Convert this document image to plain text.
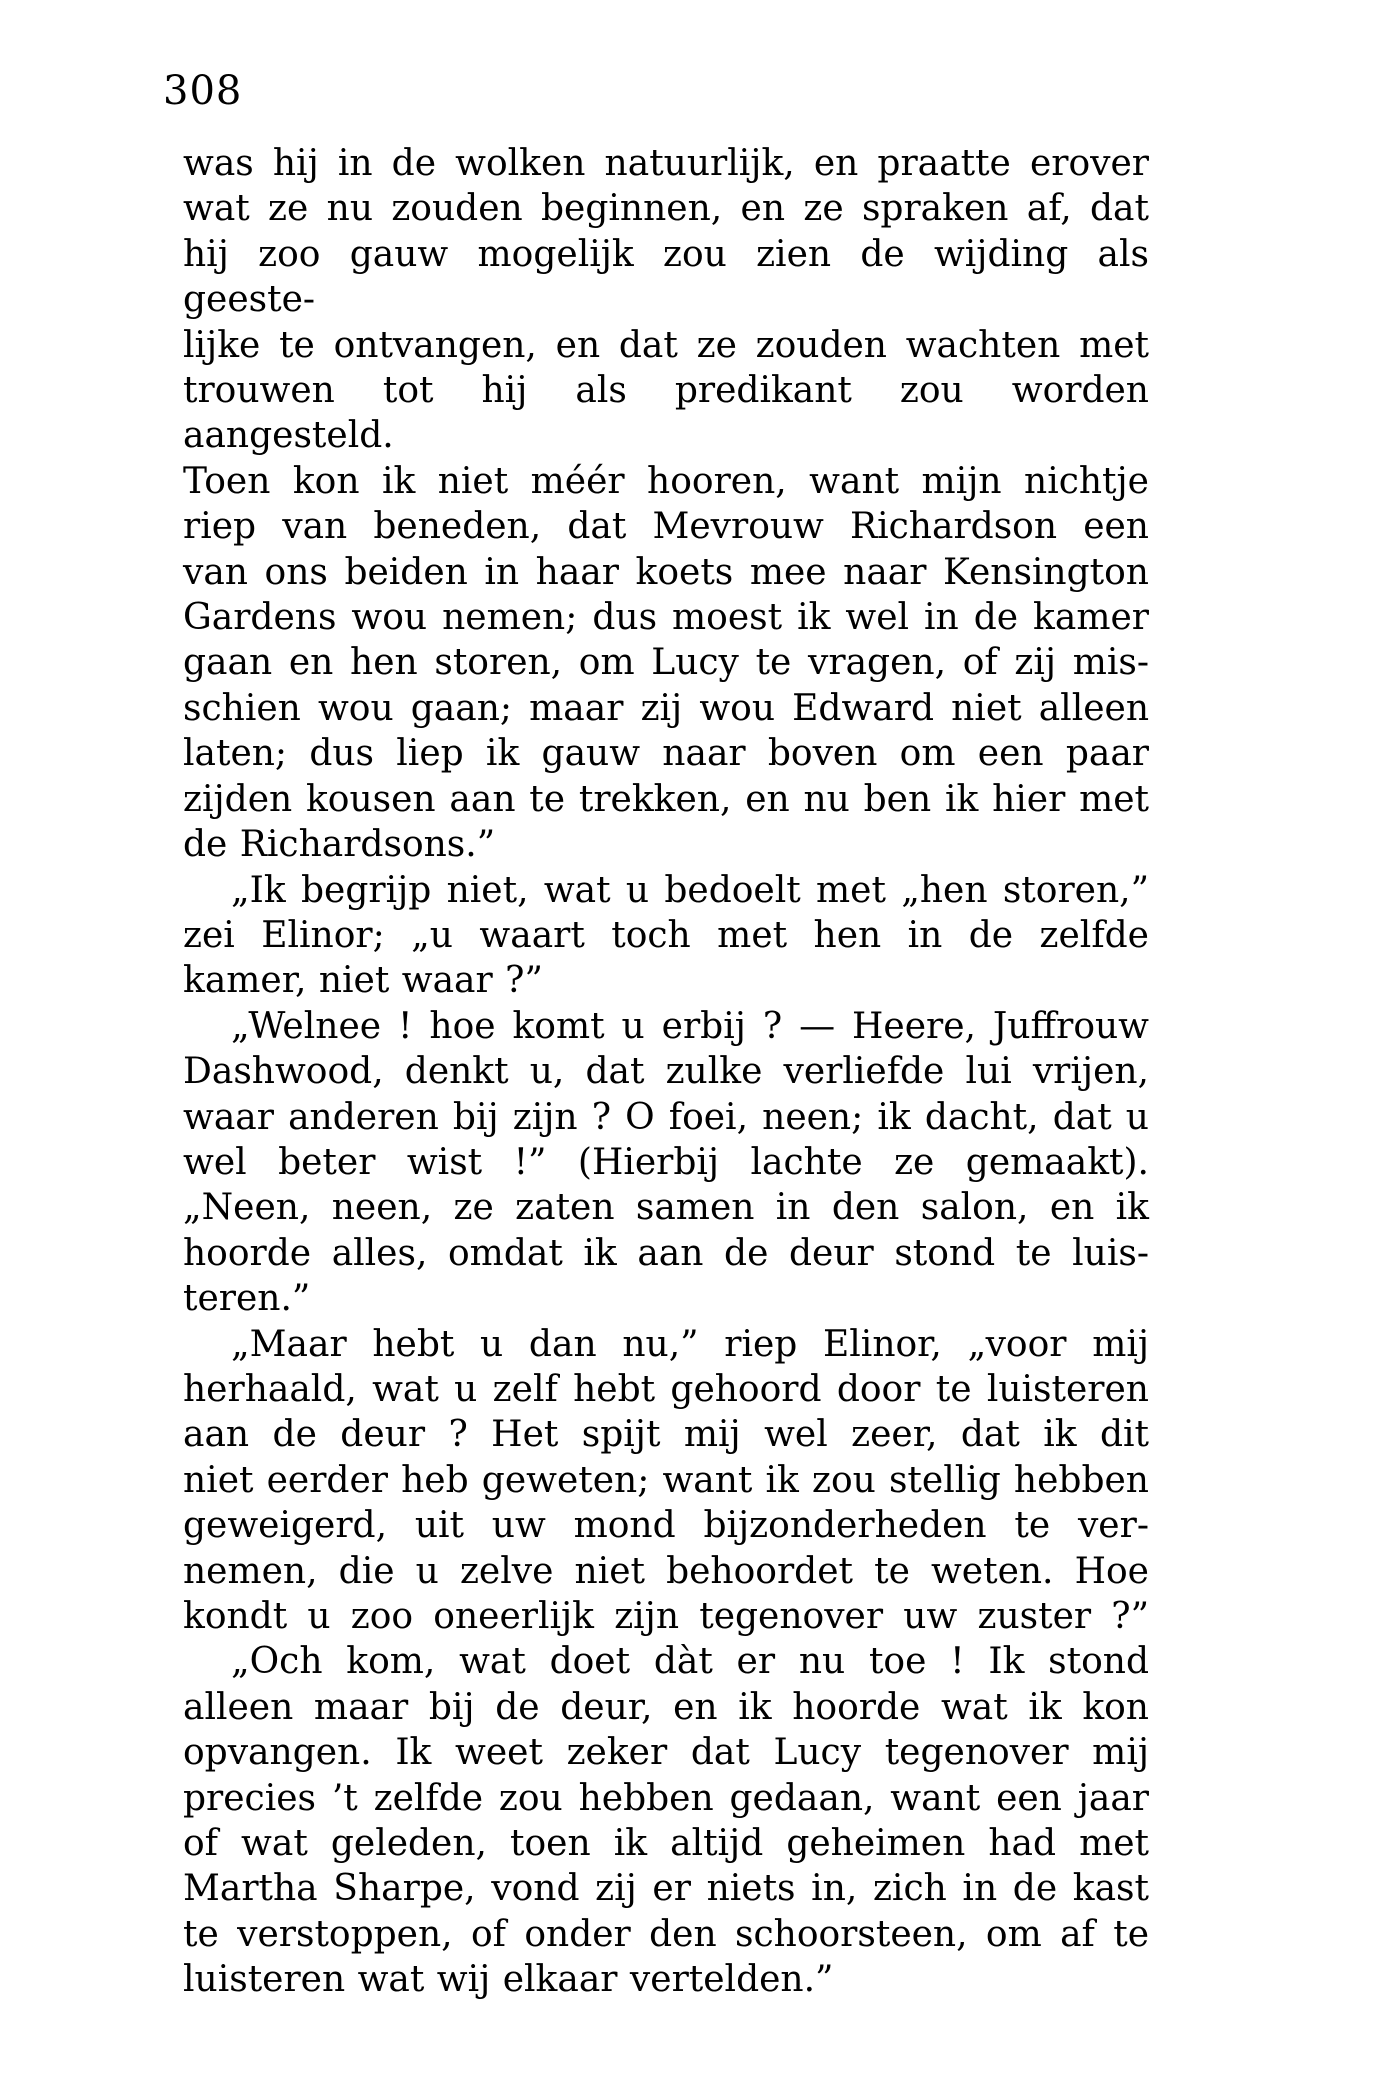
308
was hij in de wolken natuurlijk, en praatte erover
wat ze nu zouden beginnen, en ze spraken af, dat
hij zoo gauw mogelijk zou zien de wijding als geeste-
lijke te ontvangen, en dat ze zouden wachten met
trouwen tot hij als predikant zou worden aangesteld.
Toen kon ik niet méér hooren, want mijn nichtje
riep van beneden, dat Mevrouw Richardson een
van ons beiden in haar koets mee naar Kensington
Gardens wou nemen; dus moest ik wel in de kamer
gaan en hen storen, om Lucy te vragen, of zij mis-
schien wou gaan; maar zij wou Edward niet alleen
laten; dus liep ik gauw naar boven om een paar
zijden kousen aan te trekken, en nu ben ik hier met
de Richardsons.”
„Ik begrijp niet, wat u bedoelt met „hen storen,”
zei Elinor; „u waart toch met hen in de zelfde
kamer, niet waar ?”
„Welnee ! hoe komt u erbij ? — Heere, Juffrouw
Dashwood, denkt u, dat zulke verliefde lui vrijen,
waar anderen bij zijn ? O foei, neen; ik dacht, dat u
wel beter wist !” (Hierbij lachte ze gemaakt).
„Neen, neen, ze zaten samen in den salon, en ik
hoorde alles, omdat ik aan de deur stond te luis-
teren.”
„Maar hebt u dan nu,” riep Elinor, „voor mij
herhaald, wat u zelf hebt gehoord door te luisteren
aan de deur ? Het spijt mij wel zeer, dat ik dit
niet eerder heb geweten; want ik zou stellig hebben
geweigerd, uit uw mond bijzonderheden te ver-
nemen, die u zelve niet behoordet te weten. Hoe
kondt u zoo oneerlijk zijn tegenover uw zuster ?”
„Och kom, wat doet dàt er nu toe ! Ik stond
alleen maar bij de deur, en ik hoorde wat ik kon
opvangen. Ik weet zeker dat Lucy tegenover mij
precies ’t zelfde zou hebben gedaan, want een jaar
of wat geleden, toen ik altijd geheimen had met
Martha Sharpe, vond zij er niets in, zich in de kast
te verstoppen, of onder den schoorsteen, om af te
luisteren wat wij elkaar vertelden.”
